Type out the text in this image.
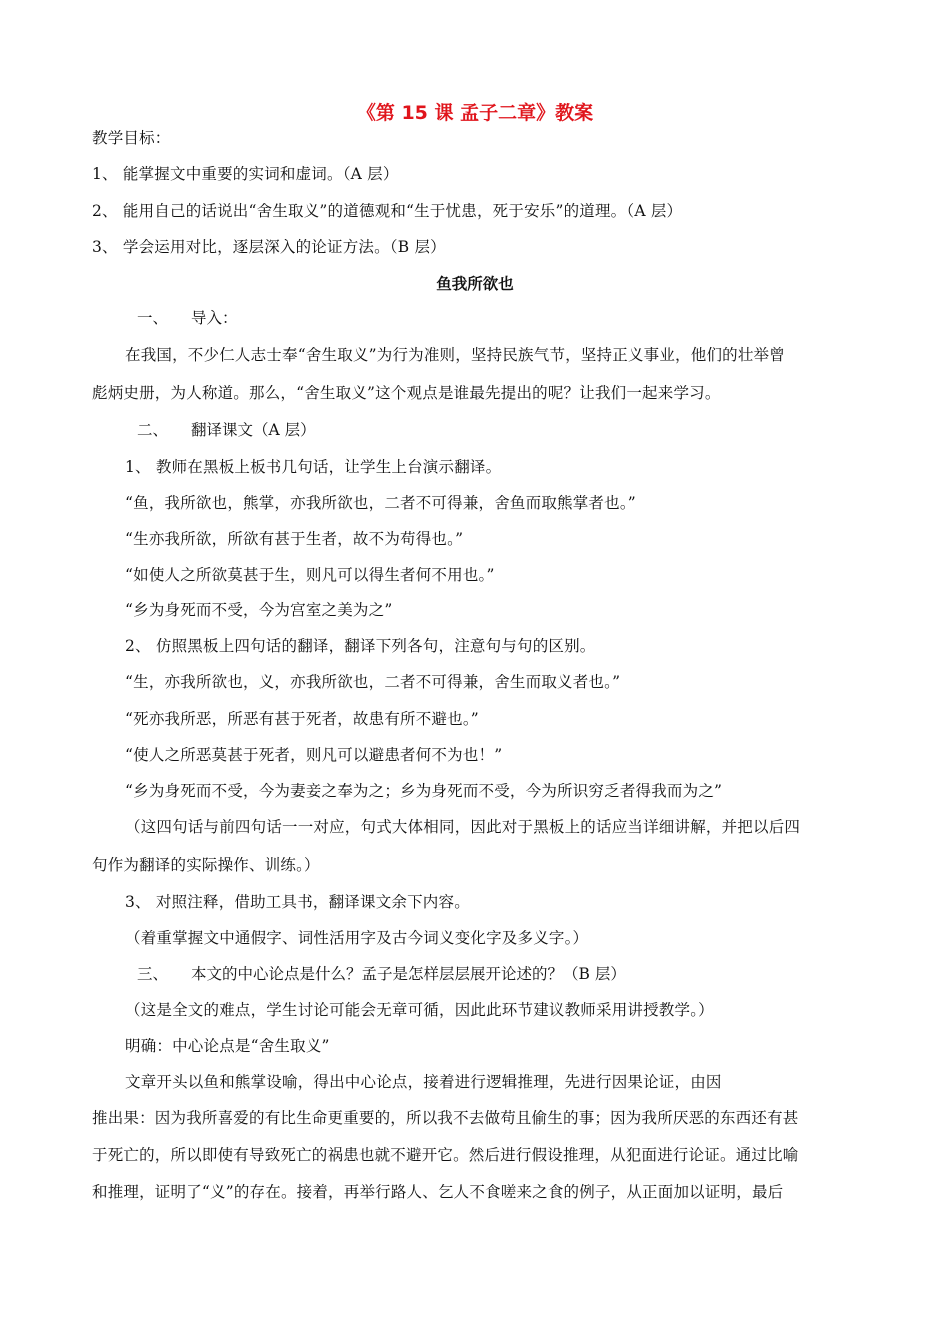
《第 15 课 孟子二章》教案
教学目标：
1、 能掌握文中重要的实词和虚词。（A 层）
2、 能用自己的话说出“舍生取义”的道德观和“生于忧患，死于安乐”的道理。（A 层）
3、 学会运用对比，逐层深入的论证方法。（B 层）
鱼我所欲也
一、 导入：
在我国，不少仁人志士奉“舍生取义”为行为准则，坚持民族气节，坚持正义事业，他们的壮举曾
彪炳史册，为人称道。那么，“舍生取义”这个观点是谁最先提出的呢？让我们一起来学习。
二、 翻译课文（A 层）
1、 教师在黑板上板书几句话，让学生上台演示翻译。
“鱼，我所欲也，熊掌，亦我所欲也，二者不可得兼，舍鱼而取熊掌者也。”
“生亦我所欲，所欲有甚于生者，故不为苟得也。”
“如使人之所欲莫甚于生，则凡可以得生者何不用也。”
“乡为身死而不受，今为宫室之美为之”
2、 仿照黑板上四句话的翻译，翻译下列各句，注意句与句的区别。
“生，亦我所欲也，义，亦我所欲也，二者不可得兼，舍生而取义者也。”
“死亦我所恶，所恶有甚于死者，故患有所不避也。”
“使人之所恶莫甚于死者，则凡可以避患者何不为也！”
“乡为身死而不受，今为妻妾之奉为之；乡为身死而不受，今为所识穷乏者得我而为之”
（这四句话与前四句话一一对应，句式大体相同，因此对于黑板上的话应当详细讲解，并把以后四
句作为翻译的实际操作、训练。）
3、 对照注释，借助工具书，翻译课文余下内容。
（着重掌握文中通假字、词性活用字及古今词义变化字及多义字。）
三、 本文的中心论点是什么？孟子是怎样层层展开论述的？（B 层）
（这是全文的难点，学生讨论可能会无章可循，因此此环节建议教师采用讲授教学。）
明确：中心论点是“舍生取义”
文章开头以鱼和熊掌设喻，得出中心论点，接着进行逻辑推理，先进行因果论证，由因
推出果：因为我所喜爱的有比生命更重要的，所以我不去做苟且偷生的事；因为我所厌恶的东西还有甚
于死亡的，所以即使有导致死亡的祸患也就不避开它。然后进行假设推理，从犯面进行论证。通过比喻
和推理，证明了“义”的存在。接着，再举行路人、乞人不食嗟来之食的例子，从正面加以证明，最后
